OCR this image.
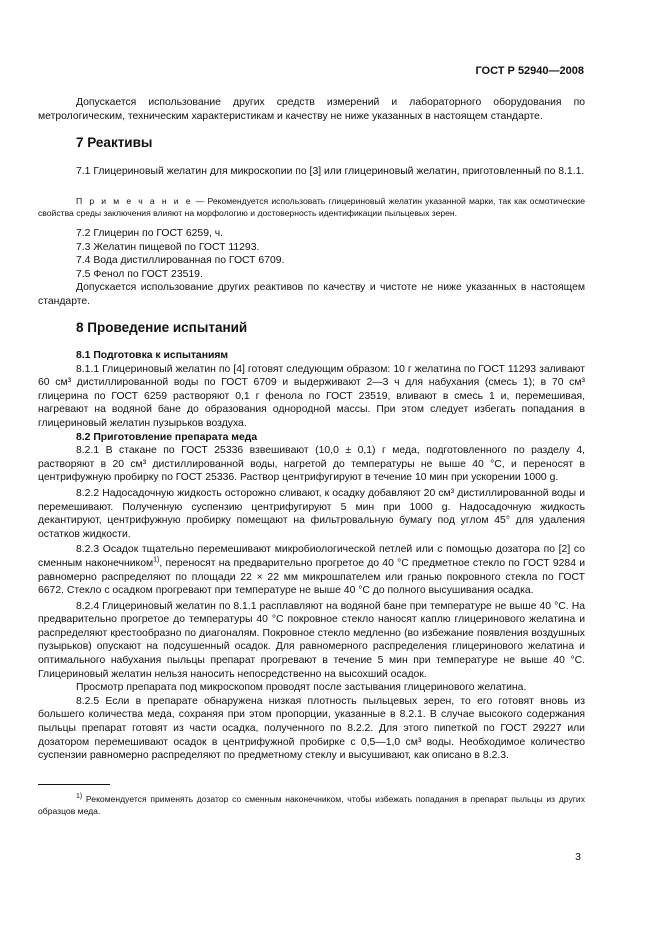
ГОСТ Р 52940—2008

Допускается использование других средств измерений и лабораторного оборудования по метрологическим, техническим характеристикам и качеству не ниже указанных в настоящем стандарте.

7 Реактивы

7.1 Глицериновый желатин для микроскопии по [3] или глицериновый желатин, приготовленный по 8.1.1.

П р и м е ч а н и е — Рекомендуется использовать глицериновый желатин указанной марки, так как осмотические свойства среды заключения влияют на морфологию и достоверность идентификации пыльцевых зерен.

7.2 Глицерин по ГОСТ 6259, ч.

7.3 Желатин пищевой по ГОСТ 11293.

7.4 Вода дистиллированная по ГОСТ 6709.

7.5 Фенол по ГОСТ 23519.

Допускается использование других реактивов по качеству и чистоте не ниже указанных в настоящем стандарте.

8 Проведение испытаний

8.1 Подготовка к испытаниям

8.1.1 Глицериновый желатин по [4] готовят следующим образом: 10 г желатина по ГОСТ 11293 заливают 60 см³ дистиллированной воды по ГОСТ 6709 и выдерживают 2—3 ч для набухания (смесь 1); в 70 см³ глицерина по ГОСТ 6259 растворяют 0,1 г фенола по ГОСТ 23519, вливают в смесь 1 и, перемешивая, нагревают на водяной бане до образования однородной массы. При этом следует избегать попадания в глицериновый желатин пузырьков воздуха.

8.2 Приготовление препарата меда

8.2.1 В стакане по ГОСТ 25336 взвешивают (10,0 ± 0,1) г меда, подготовленного по разделу 4, растворяют в 20 см³ дистиллированной воды, нагретой до температуры не выше 40 °С, и переносят в центрифужную пробирку по ГОСТ 25336. Раствор центрифугируют в течение 10 мин при ускорении 1000 g.

8.2.2 Надосадочную жидкость осторожно сливают, к осадку добавляют 20 см³ дистиллированной воды и перемешивают. Полученную суспензию центрифугируют 5 мин при 1000 g. Надосадочную жидкость декантируют, центрифужную пробирку помещают на фильтровальную бумагу под углом 45° для удаления остатков жидкости.

8.2.3 Осадок тщательно перемешивают микробиологической петлей или с помощью дозатора по [2] со сменным наконечником$^{1)}$, переносят на предварительно прогретое до 40 °С предметное стекло по ГОСТ 9284 и равномерно распределяют по площади 22 × 22 мм микрошпателем или гранью покровного стекла по ГОСТ 6672. Стекло с осадком прогревают при температуре не выше 40 °С до полного высушивания осадка.

8.2.4 Глицериновый желатин по 8.1.1 расплавляют на водяной бане при температуре не выше 40 °С. На предварительно прогретое до температуры 40 °С покровное стекло наносят каплю глицеринового желатина и распределяют крестообразно по диагоналям. Покровное стекло медленно (во избежание появления воздушных пузырьков) опускают на подсушенный осадок. Для равномерного распределения глицеринового желатина и оптимального набухания пыльцы препарат прогревают в течение 5 мин при температуре не выше 40 °С. Глицериновый желатин нельзя наносить непосредственно на высохший осадок.

Просмотр препарата под микроскопом проводят после застывания глицеринового желатина.

8.2.5 Если в препарате обнаружена низкая плотность пыльцевых зерен, то его готовят вновь из большего количества меда, сохраняя при этом пропорции, указанные в 8.2.1. В случае высокого содержания пыльцы препарат готовят из части осадка, полученного по 8.2.2. Для этого пипеткой по ГОСТ 29227 или дозатором перемешивают осадок в центрифужной пробирке с 0,5—1,0 см³ воды. Необходимое количество суспензии равномерно распределяют по предметному стеклу и высушивают, как описано в 8.2.3.

$^{1)}$ Рекомендуется применять дозатор со сменным наконечником, чтобы избежать попадания в препарат пыльцы из других образцов меда.

3
